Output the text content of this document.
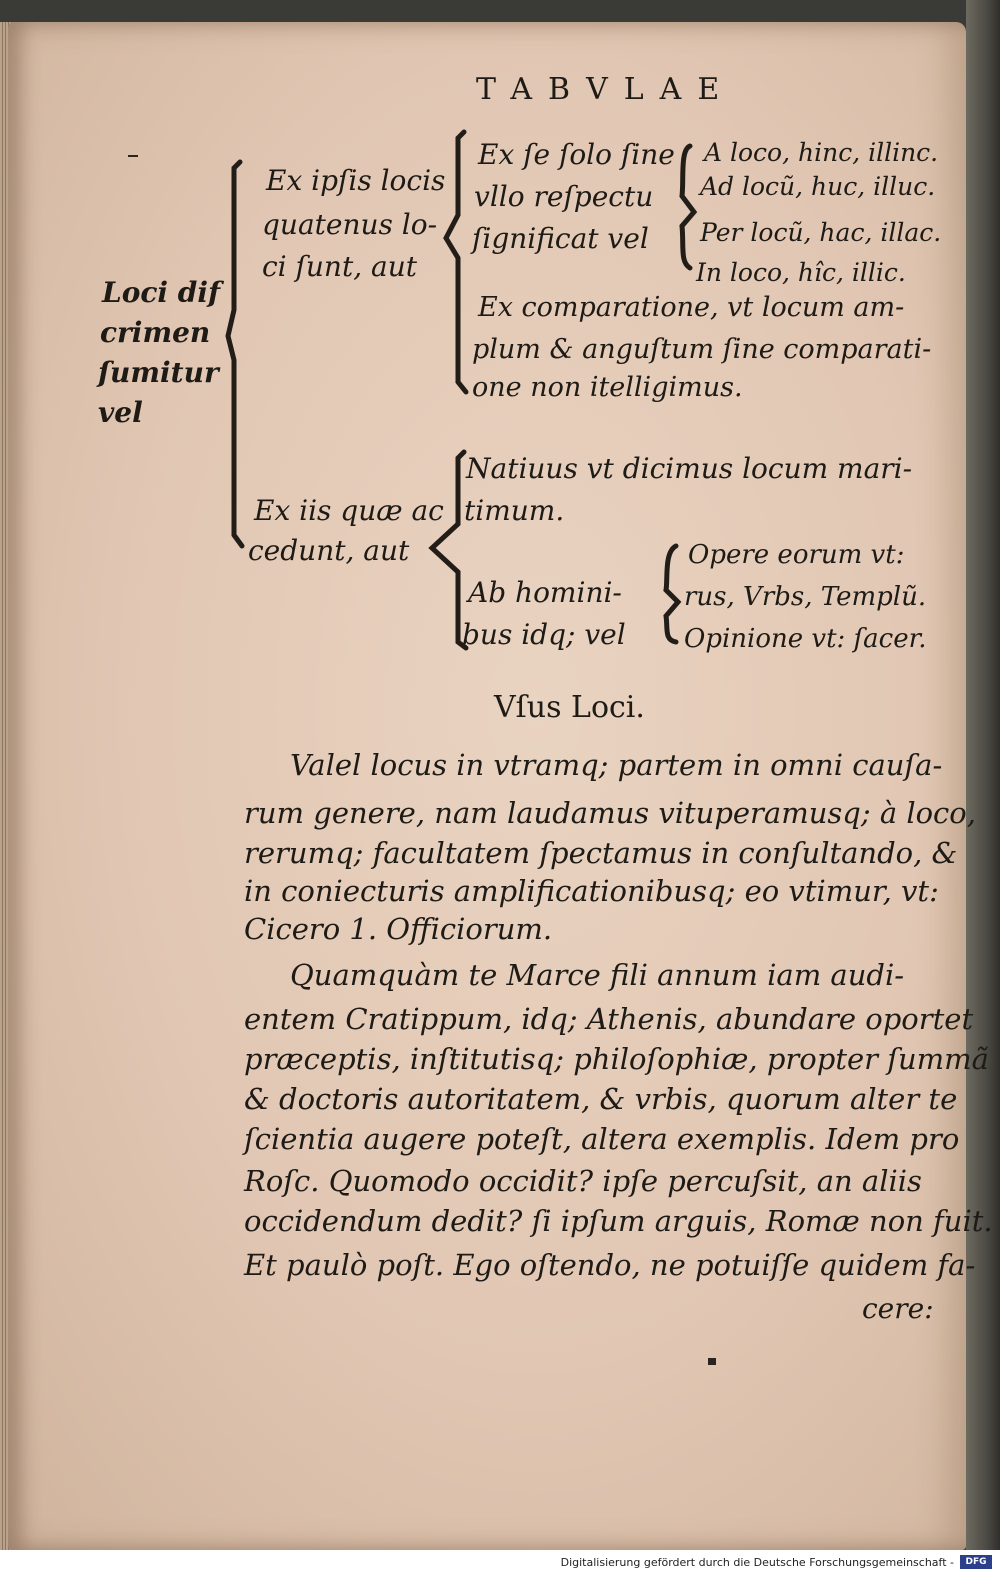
TABVLAE
Loci dif
crimen
ſumitur
vel
Ex ipſis locis
quatenus lo-
ci ſunt, aut
Ex ſe ſolo ſine
vllo reſpectu
ſignificat vel
A loco, hinc, illinc.
Ad locũ, huc, illuc.
Per locũ, hac, illac.
In loco, hîc, illic.
Ex comparatione, vt locum am-
plum & anguſtum ſine comparati-
one non itelligimus.
Ex iis quæ ac
cedunt, aut
Natiuus vt dicimus locum mari-
timum.
Ab homini-
bus idq; vel
Opere eorum vt:
rus, Vrbs, Templũ.
Opinione vt: ſacer.
Vſus Loci.
Valel locus in vtramq; partem in omni cauſa-
rum genere, nam laudamus vituperamusq; à loco,
rerumq; facultatem ſpectamus in conſultando, &
in coniecturis amplificationibusq; eo vtimur, vt:
Cicero 1. Officiorum.
Quamquàm te Marce fili annum iam audi-
entem Cratippum, idq; Athenis, abundare oportet
præceptis, inſtitutisq; philoſophiæ, propter ſummã
& doctoris autoritatem, & vrbis, quorum alter te
ſcientia augere poteſt, altera exemplis. Idem pro
Roſc. Quomodo occidit? ipſe percuſsit, an aliis
occidendum dedit? ſi ipſum arguis, Romæ non fuit.
Et paulò poſt. Ego oſtendo, ne potuiſſe quidem fa-
cere:
Digitalisierung gefördert durch die Deutsche Forschungsgemeinschaft -	DFG
